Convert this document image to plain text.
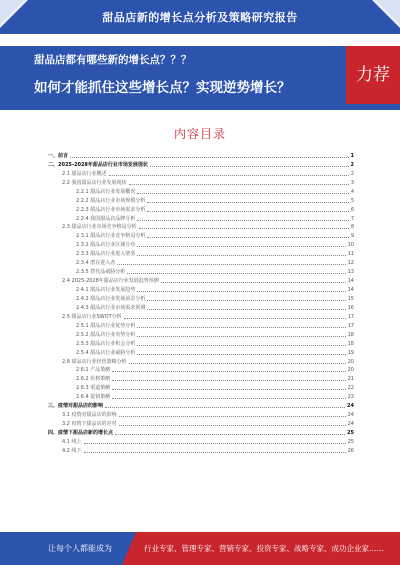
甜品店新的增长点分析及策略研究报告
甜品店都有哪些新的增长点？？？
如何才能抓住这些增长点？实现逆势增长？
力荐
内容目录
一、前言	1
二、2025-2028年甜品店行业市场发展现状	2
2.1 甜品店行业概述	2
2.2 我国甜品店行业发展现状	3
2.2.1 甜品店行业发展概况	4
2.2.2 甜品店行业市场规模分析	5
2.2.3 甜品店行业市场需求分析	6
2.2.4 我国甜品店品牌分析	7
2.3 甜品店行业市场竞争格局分析	8
2.3.1 甜品店行业竞争格局分析	9
2.3.2 甜品店行业区域分布	10
2.3.3 甜品店行业进入壁垒	11
2.3.4 潜在进入者	12
2.3.5 替代品威胁分析	13
2.4 2025-2028年甜品店行业发展趋势预测	14
2.4.1 甜品店行业发展趋势	14
2.4.2 甜品店行业发展前景分析	15
2.4.3 甜品店行业市场需求预测	16
2.5 甜品店行业SWOT分析	17
2.5.1 甜品店行业优势分析	17
2.5.2 甜品店行业劣势分析	18
2.5.3 甜品店行业机会分析	18
2.5.4 甜品店行业威胁分析	19
2.6 甜品店行业经营策略分析	20
2.6.1 产品策略	20
2.6.2 价格策略	21
2.6.3 渠道策略	22
2.6.4 促销策略	23
三、疫情对甜品店的影响	24
3.1 疫情对甜品店的影响	24
3.2 疫情下甜品店的应对	24
四、疫情下甜品店新的增长点	25
4.1 线上	25
4.2 线下	26
让每个人都能成为	行业专家、管理专家、营销专家、投资专家、战略专家、成功企业家……
